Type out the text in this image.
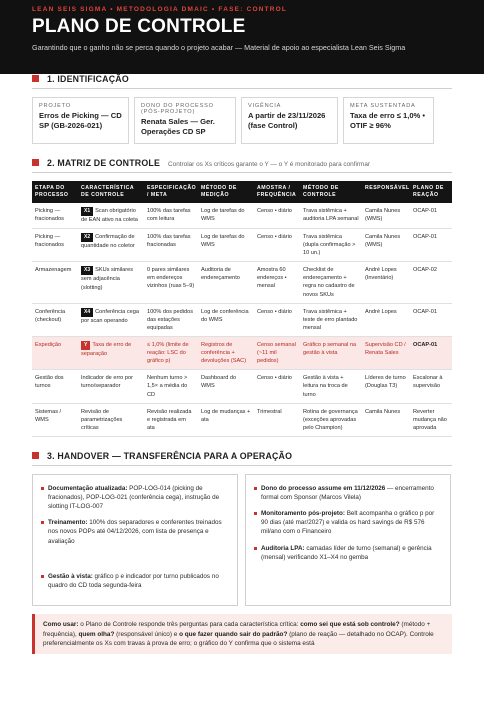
LEAN SEIS SIGMA • METODOLOGIA DMAIC • FASE: CONTROL
PLANO DE CONTROLE
Garantindo que o ganho não se perca quando o projeto acabar — Material de apoio ao especialista Lean Seis Sigma
1. IDENTIFICAÇÃO
PROJETO
Erros de Picking — CD SP (GB-2026-021)
DONO DO PROCESSO (PÓS-PROJETO)
Renata Sales — Ger. Operações CD SP
VIGÊNCIA
A partir de 23/11/2026 (fase Control)
META SUSTENTADA
Taxa de erro ≤ 1,0% • OTIF ≥ 96%
2. MATRIZ DE CONTROLE Controlar os Xs críticos garante o Y — o Y é monitorado para confirmar
ETAPA DO PROCESSO	CARACTERÍSTICA DE CONTROLE	ESPECIFICAÇÃO / META	MÉTODO DE MEDIÇÃO	AMOSTRA / FREQUÊNCIA	MÉTODO DE CONTROLE	RESPONSÁVEL	PLANO DE REAÇÃO
Picking — fracionados	X1 Scan obrigatório de EAN ativo na coleta	100% das tarefas com leitura	Log de tarefas do WMS	Censo • diário	Trava sistêmica + auditoria LPA semanal	Camila Nunes (WMS)	OCAP-01
Picking — fracionados	X2 Confirmação de quantidade no coletor	100% das tarefas fracionadas	Log de tarefas do WMS	Censo • diário	Trava sistêmica (dupla confirmação > 10 un.)	Camila Nunes (WMS)	OCAP-01
Armazenagem	X3 SKUs similares sem adjacência (slotting)	0 pares similares em endereços vizinhos (ruas 5–9)	Auditoria de endereçamento	Amostra 60 endereços • mensal	Checklist de endereçamento + regra no cadastro de novos SKUs	André Lopes (Inventário)	OCAP-02
Conferência (checkout)	X4 Conferência cega por scan operando	100% dos pedidos das estações equipadas	Log de conferência do WMS	Censo • diário	Trava sistêmica + teste de erro plantado mensal	André Lopes	OCAP-01
Expedição	Y Taxa de erro de separação	≤ 1,0% (limite de reação: LSC do gráfico p)	Registros de conferência + devoluções (SAC)	Censo semanal (~11 mil pedidos)	Gráfico p semanal na gestão à vista	Supervisão CD / Renata Sales	OCAP-01
Gestão dos turnos	Indicador de erro por turno/separador	Nenhum turno > 1,5× a média do CD	Dashboard do WMS	Censo • diário	Gestão à vista + leitura na troca de turno	Líderes de turno (Douglas T3)	Escalonar à supervisão
Sistemas / WMS	Revisão de parametrizações críticas	Revisão realizada e registrada em ata	Log de mudanças + ata	Trimestral	Rotina de governança (exceções aprovadas pelo Champion)	Camila Nunes	Reverter mudança não aprovada
3. HANDOVER — TRANSFERÊNCIA PARA A OPERAÇÃO
Documentação atualizada: POP-LOG-014 (picking de fracionados), POP-LOG-021 (conferência cega), instrução de slotting IT-LOG-007
Treinamento: 100% dos separadores e conferentes treinados nos novos POPs até 04/12/2026, com lista de presença e avaliação
Gestão à vista: gráfico p e indicador por turno publicados no quadro do CD toda segunda-feira
Dono do processo assume em 11/12/2026 — encerramento formal com Sponsor (Marcos Vilela)
Monitoramento pós-projeto: Belt acompanha o gráfico p por 90 dias (até mar/2027) e valida os hard savings de R$ 576 mil/ano com o Financeiro
Auditoria LPA: camadas líder de turno (semanal) e gerência (mensal) verificando X1–X4 no gemba
Como usar: o Plano de Controle responde três perguntas para cada característica crítica: como sei que está sob controle? (método + frequência), quem olha? (responsável único) e o que fazer quando sair do padrão? (plano de reação — detalhado no OCAP). Controle preferencialmente os Xs com travas à prova de erro; o gráfico do Y confirma que o sistema está
